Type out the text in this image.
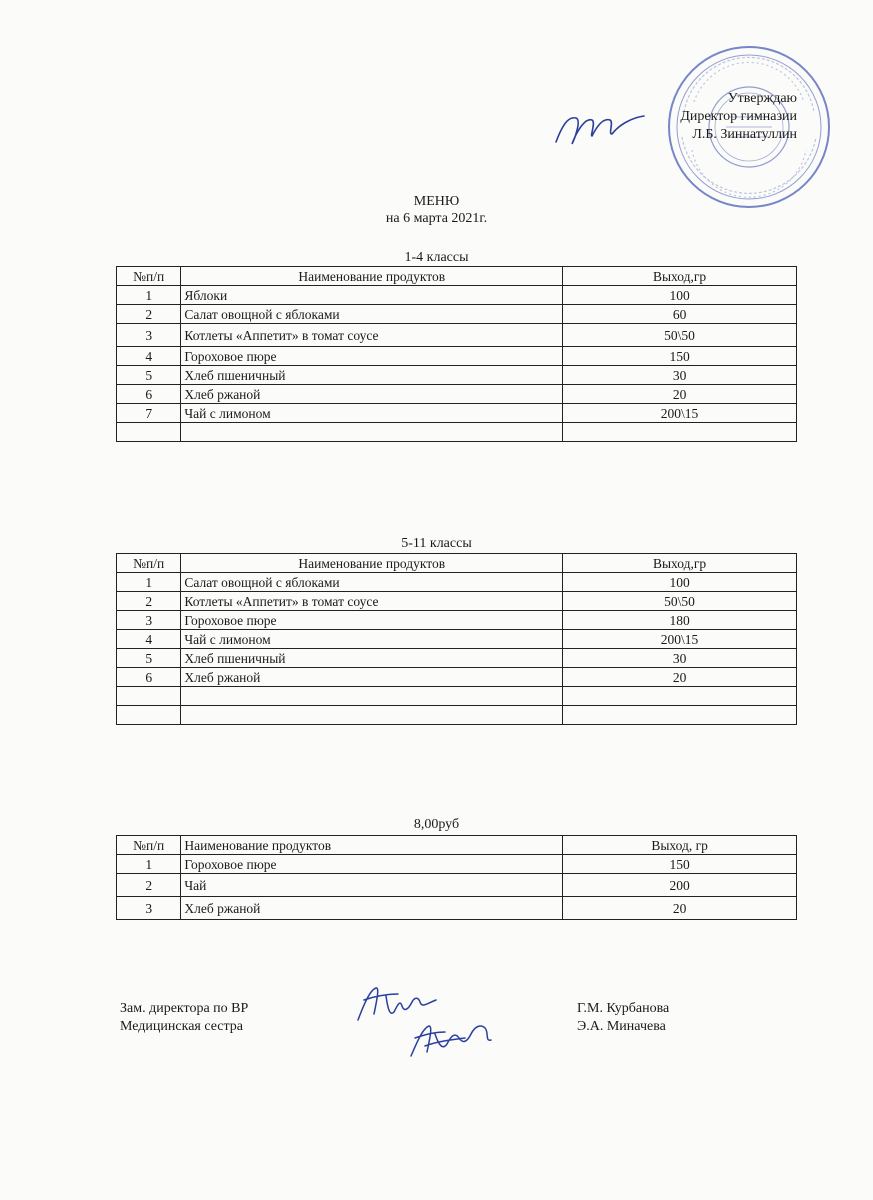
Утверждаю
Директор гимназии
Л.Б. Зиннатуллин
МЕНЮ
на 6 марта 2021г.
1-4 классы
№п/п	Наименование продуктов	Выход,гр
1	Яблоки	100
2	Салат овощной с яблоками	60
3	Котлеты «Аппетит» в томат соусе	50\50
4	Гороховое пюре	150
5	Хлеб пшеничный	30
6	Хлеб ржаной	20
7	Чай с лимоном	200\15

5-11 классы
№п/п	Наименование продуктов	Выход,гр
1	Салат овощной с яблоками	100
2	Котлеты «Аппетит» в томат соусе	50\50
3	Гороховое пюре	180
4	Чай с лимоном	200\15
5	Хлеб пшеничный	30
6	Хлеб ржаной	20

8,00руб
№п/п	Наименование продуктов	Выход, гр
1	Гороховое пюре	150
2	Чай	200
3	Хлеб ржаной	20
Зам. директора по ВР
Медицинская сестра
Г.М. Курбанова
Э.А. Миначева
